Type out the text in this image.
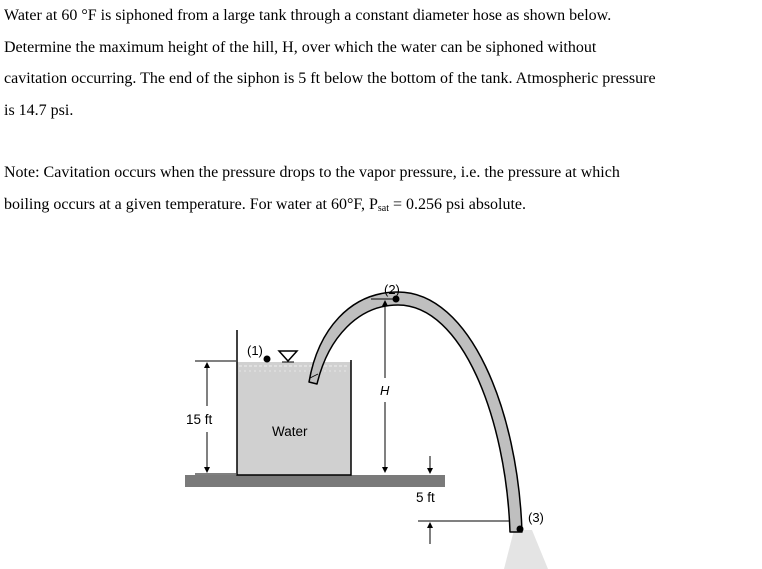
Water at 60 °F is siphoned from a large tank through a constant diameter hose as shown below.

Determine the maximum height of the hill, H, over which the water can be siphoned without

cavitation occurring. The end of the siphon is 5 ft below the bottom of the tank. Atmospheric pressure

is 14.7 psi.

Note: Cavitation occurs when the pressure drops to the vapor pressure, i.e. the pressure at which

boiling occurs at a given temperature. For water at 60°F, $P_{sat} = 0.256$ psi absolute.

(1)
(2)
(3)
Water
15 ft
H
5 ft
